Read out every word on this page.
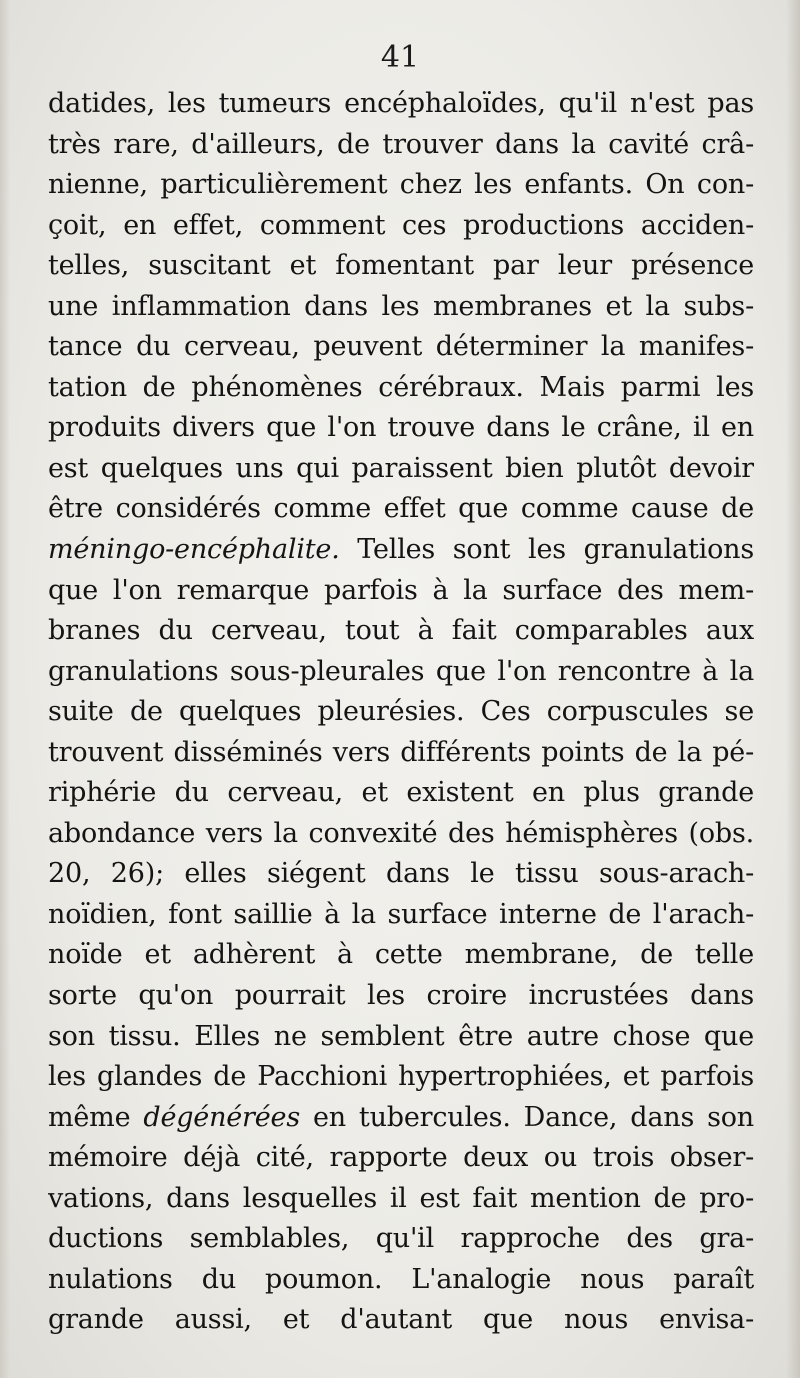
41
datides, les tumeurs encéphaloïdes, qu'il n'est pas
très rare, d'ailleurs, de trouver dans la cavité crâ-
nienne, particulièrement chez les enfants. On con-
çoit, en effet, comment ces productions acciden-
telles, suscitant et fomentant par leur présence
une inflammation dans les membranes et la subs-
tance du cerveau, peuvent déterminer la manifes-
tation de phénomènes cérébraux. Mais parmi les
produits divers que l'on trouve dans le crâne, il en
est quelques uns qui paraissent bien plutôt devoir
être considérés comme effet que comme cause de
méningo-encéphalite. Telles sont les granulations
que l'on remarque parfois à la surface des mem-
branes du cerveau, tout à fait comparables aux
granulations sous-pleurales que l'on rencontre à la
suite de quelques pleurésies. Ces corpuscules se
trouvent disséminés vers différents points de la pé-
riphérie du cerveau, et existent en plus grande
abondance vers la convexité des hémisphères (obs.
20, 26); elles siégent dans le tissu sous-arach-
noïdien, font saillie à la surface interne de l'arach-
noïde et adhèrent à cette membrane, de telle
sorte qu'on pourrait les croire incrustées dans
son tissu. Elles ne semblent être autre chose que
les glandes de Pacchioni hypertrophiées, et parfois
même dégénérées en tubercules. Dance, dans son
mémoire déjà cité, rapporte deux ou trois obser-
vations, dans lesquelles il est fait mention de pro-
ductions semblables, qu'il rapproche des gra-
nulations du poumon. L'analogie nous paraît
grande aussi, et d'autant que nous envisa-
